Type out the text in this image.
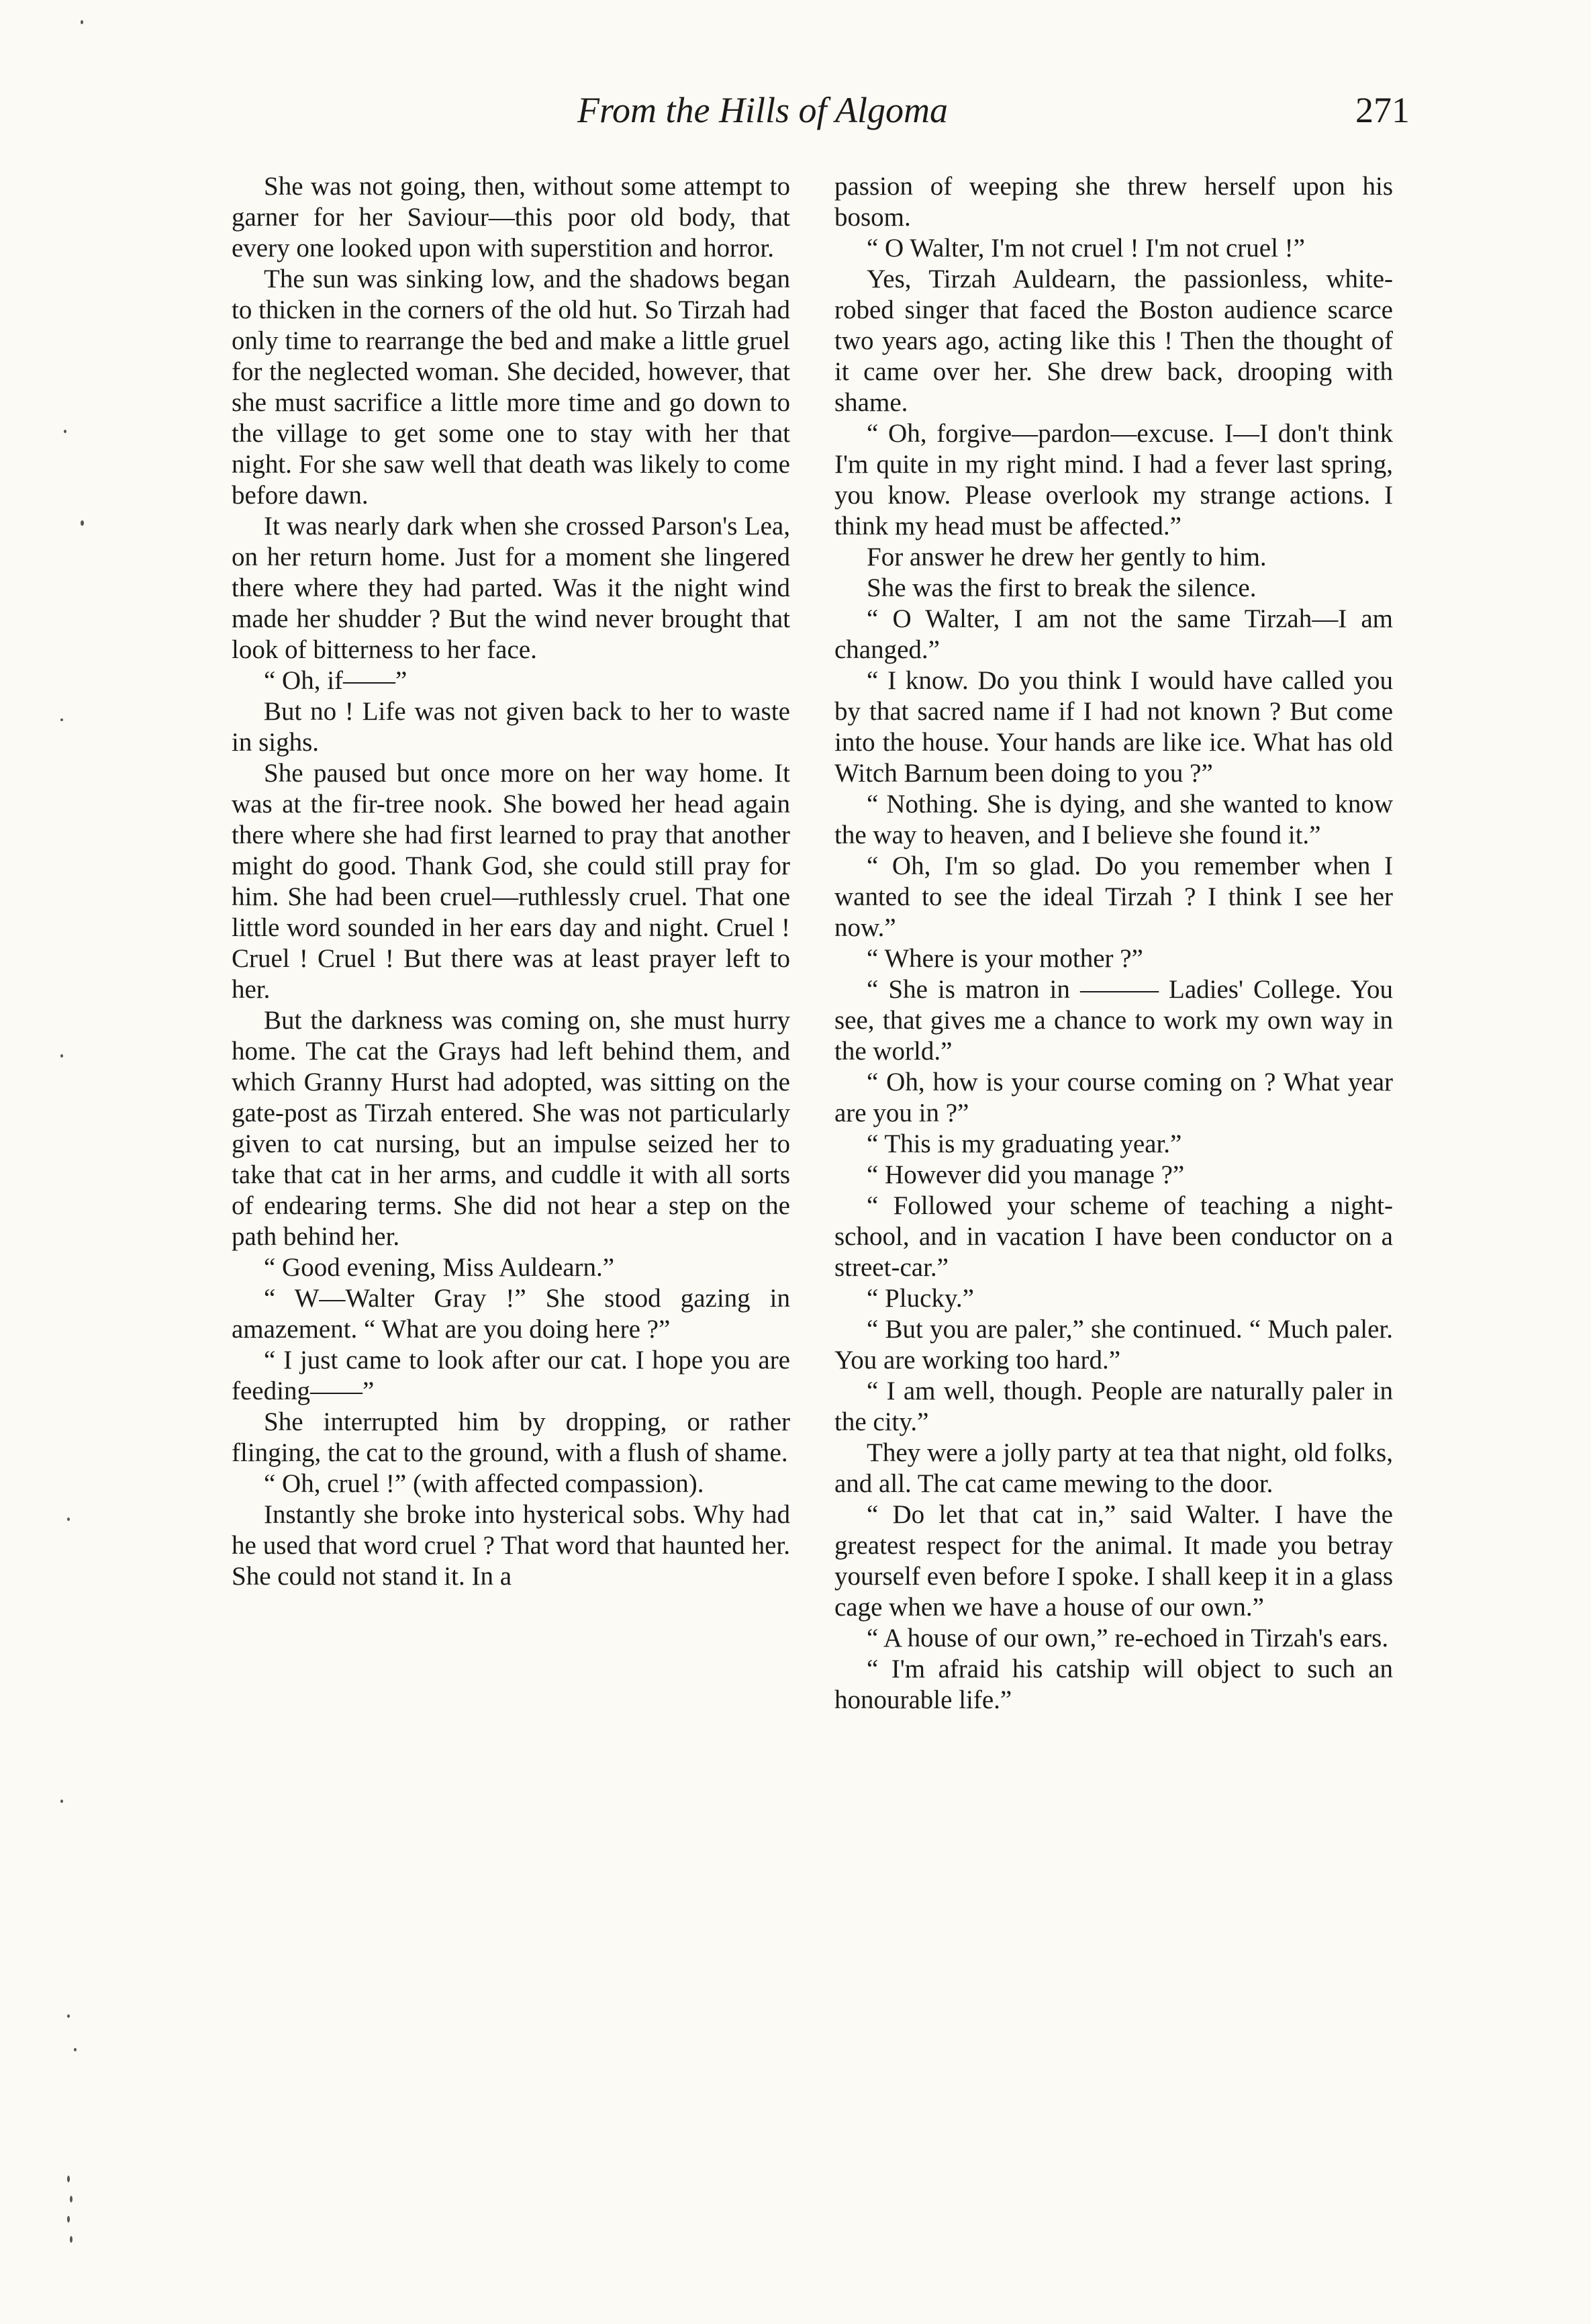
From the Hills of Algoma	271

She was not going, then, without some attempt to garner for her Saviour—this poor old body, that every one looked upon with superstition and horror.

The sun was sinking low, and the shadows began to thicken in the corners of the old hut. So Tirzah had only time to rearrange the bed and make a little gruel for the neglected woman. She decided, however, that she must sacrifice a little more time and go down to the village to get some one to stay with her that night. For she saw well that death was likely to come before dawn.

It was nearly dark when she crossed Parson's Lea, on her return home. Just for a moment she lingered there where they had parted. Was it the night wind made her shudder ? But the wind never brought that look of bitterness to her face.

“ Oh, if——”

But no ! Life was not given back to her to waste in sighs.

She paused but once more on her way home. It was at the fir-tree nook. She bowed her head again there where she had first learned to pray that another might do good. Thank God, she could still pray for him. She had been cruel—ruthlessly cruel. That one little word sounded in her ears day and night. Cruel ! Cruel ! Cruel ! But there was at least prayer left to her.

But the darkness was coming on, she must hurry home. The cat the Grays had left behind them, and which Granny Hurst had adopted, was sitting on the gate-post as Tirzah entered. She was not particularly given to cat nursing, but an impulse seized her to take that cat in her arms, and cuddle it with all sorts of endearing terms. She did not hear a step on the path behind her.

“ Good evening, Miss Auldearn.”

“ W—Walter Gray !” She stood gazing in amazement. “ What are you doing here ?”

“ I just came to look after our cat. I hope you are feeding——”

She interrupted him by dropping, or rather flinging, the cat to the ground, with a flush of shame.

“ Oh, cruel !” (with affected compassion).

Instantly she broke into hysterical sobs. Why had he used that word cruel ? That word that haunted her. She could not stand it. In a

passion of weeping she threw herself upon his bosom.

“ O Walter, I'm not cruel ! I'm not cruel !”

Yes, Tirzah Auldearn, the passionless, white-robed singer that faced the Boston audience scarce two years ago, acting like this ! Then the thought of it came over her. She drew back, drooping with shame.

“ Oh, forgive—pardon—excuse. I—I don't think I'm quite in my right mind. I had a fever last spring, you know. Please overlook my strange actions. I think my head must be affected.”

For answer he drew her gently to him.

She was the first to break the silence.

“ O Walter, I am not the same Tirzah—I am changed.”

“ I know. Do you think I would have called you by that sacred name if I had not known ? But come into the house. Your hands are like ice. What has old Witch Barnum been doing to you ?”

“ Nothing. She is dying, and she wanted to know the way to heaven, and I believe she found it.”

“ Oh, I'm so glad. Do you remember when I wanted to see the ideal Tirzah ? I think I see her now.”

“ Where is your mother ?”

“ She is matron in ——— Ladies' College. You see, that gives me a chance to work my own way in the world.”

“ Oh, how is your course coming on ? What year are you in ?”

“ This is my graduating year.”

“ However did you manage ?”

“ Followed your scheme of teaching a night-school, and in vacation I have been conductor on a street-car.”

“ Plucky.”

“ But you are paler,” she continued. “ Much paler. You are working too hard.”

“ I am well, though. People are naturally paler in the city.”

They were a jolly party at tea that night, old folks, and all. The cat came mewing to the door.

“ Do let that cat in,” said Walter. I have the greatest respect for the animal. It made you betray yourself even before I spoke. I shall keep it in a glass cage when we have a house of our own.”

“ A house of our own,” re-echoed in Tirzah's ears.

“ I'm afraid his catship will object to such an honourable life.”
